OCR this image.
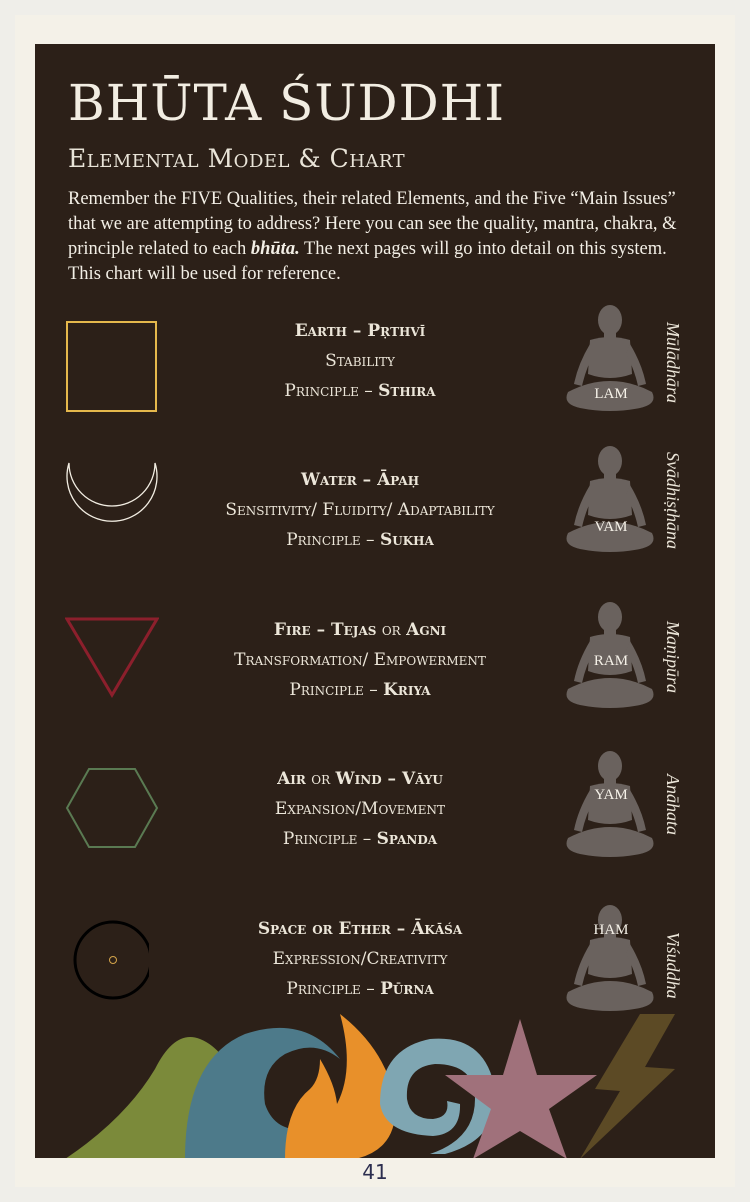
BHŪTA ŚUDDHI
Elemental Model & Chart
Remember the FIVE Qualities, their related Elements, and the Five “Main Issues” that we are attempting to address? Here you can see the quality, mantra, chakra, & principle related to each bhūta. The next pages will go into detail on this system. This chart will be used for reference.
Earth – Pṛthvī
Stability
Principle – Sthira	LAM	Mūlādhāra
Water – Āpaḥ
Sensitivity/ Fluidity/ Adaptability
Principle – Sukha
VAM	Svādhiṣṭhāna
Fire – Tejas or Agni
Transformation/ Empowerment
Principle – Kriya
RAM	Maṇipūra
Air or Wind – Vāyu
Expansion/Movement
Principle – Spanda
YAM	Anāhata
Space or Ether – Ākāśa
Expression/Creativity
Principle – Pūrna
HAM
Viśuddha
41
